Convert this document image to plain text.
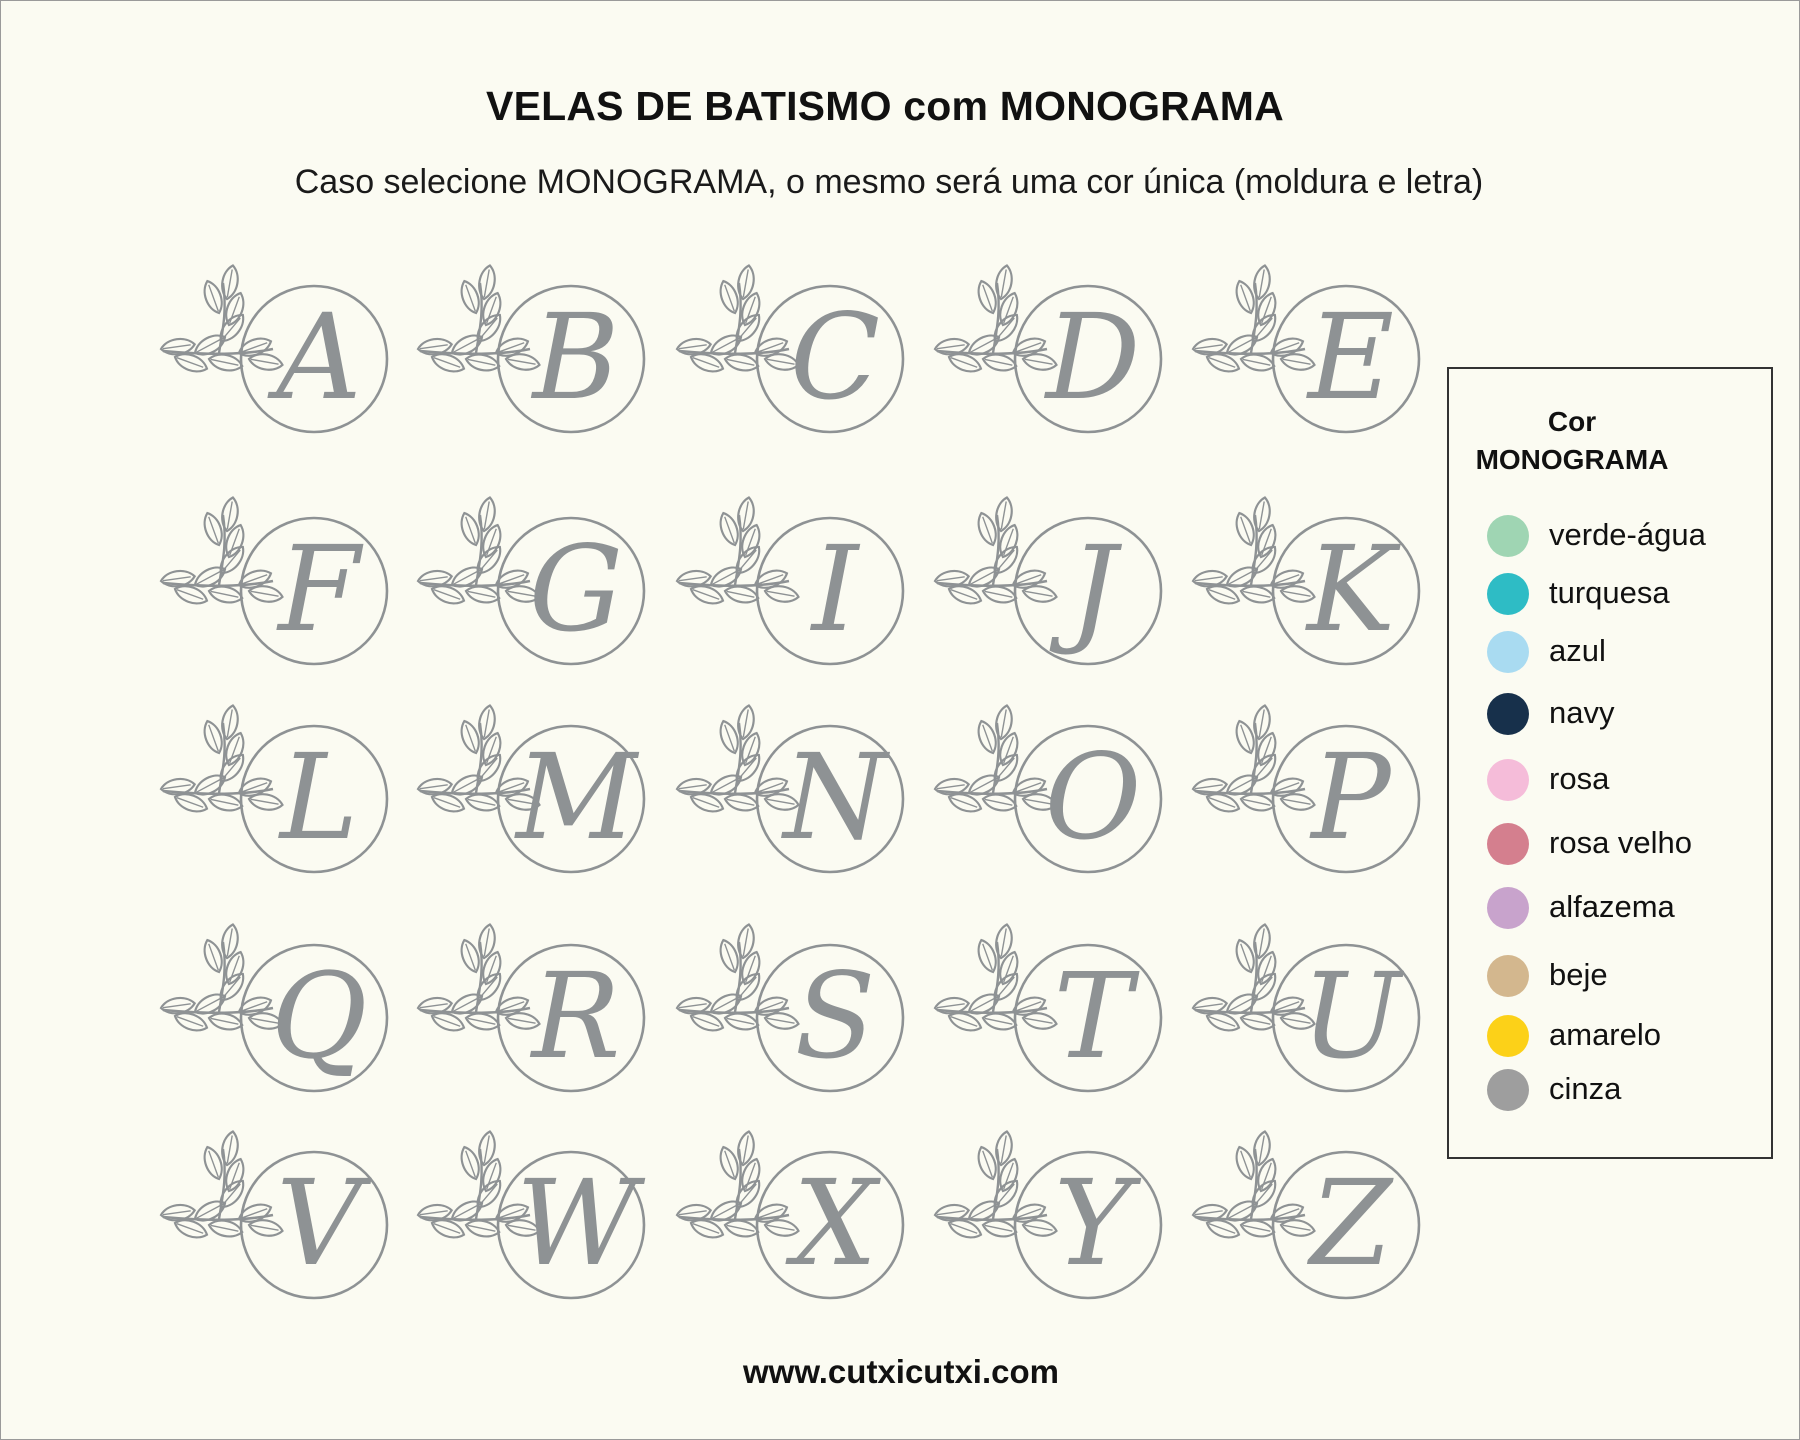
VELAS DE BATISMO com MONOGRAMA
Caso selecione MONOGRAMA, o mesmo será uma cor única (moldura e letra)
A B C D E
F G	I	J	K
L M N O P
Q R S T U
V W X Y Z
Cor
MONOGRAMA
verde-água
turquesa
azul
navy
rosa
rosa velho
alfazema
beje
amarelo
cinza
www.cutxicutxi.com
